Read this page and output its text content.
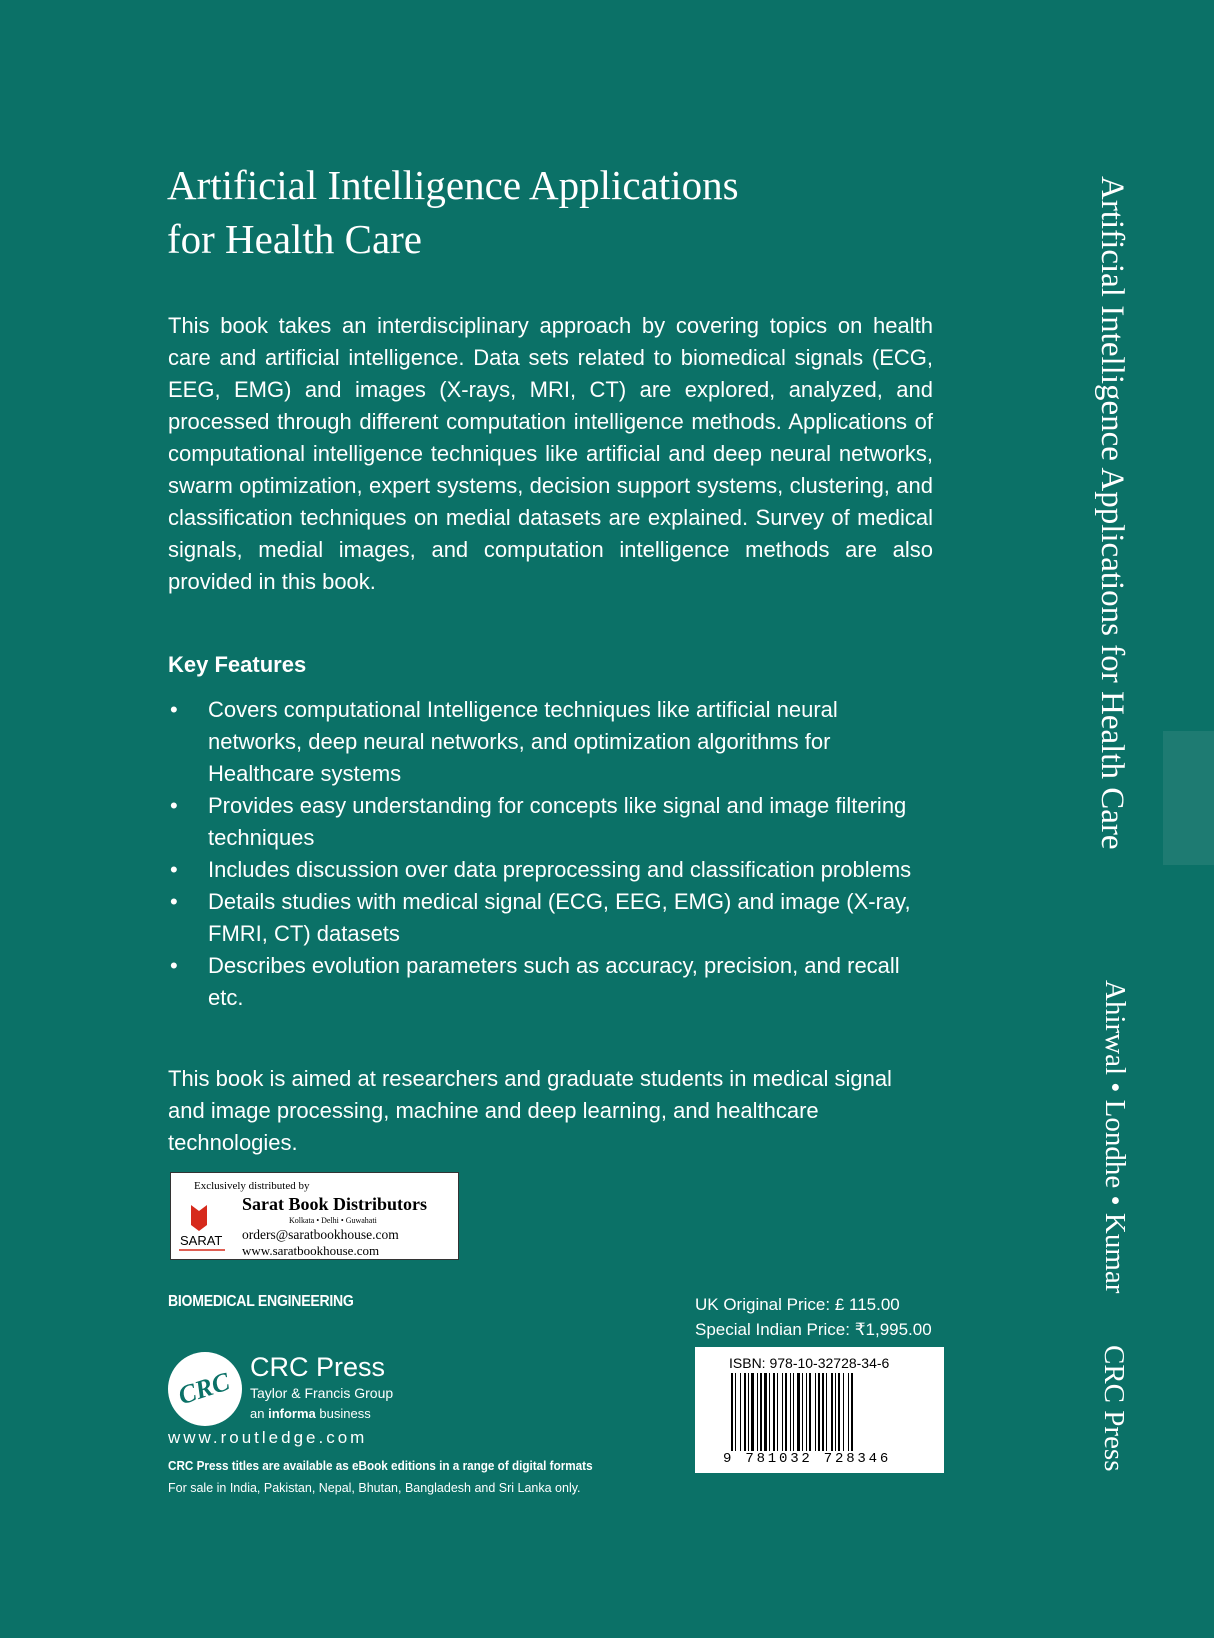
Artificial Intelligence Applications
for Health Care
This book takes an interdisciplinary approach by covering topics on health care and artificial intelligence. Data sets related to biomedical signals (ECG, EEG, EMG) and images (X-rays, MRI, CT) are explored, analyzed, and processed through different computation intelligence methods. Applications of computational intelligence techniques like artificial and deep neural networks, swarm optimization, expert systems, decision support systems, clustering, and classification techniques on medial datasets are explained. Survey of medical signals, medial images, and computation intelligence methods are also provided in this book.
Key Features
• Covers computational Intelligence techniques like artificial neural networks, deep neural networks, and optimization algorithms for Healthcare systems
• Provides easy understanding for concepts like signal and image filtering techniques
• Includes discussion over data preprocessing and classification problems
• Details studies with medical signal (ECG, EEG, EMG) and image (X-ray, FMRI, CT) datasets
• Describes evolution parameters such as accuracy, precision, and recall etc.
This book is aimed at researchers and graduate students in medical signal and image processing, machine and deep learning, and healthcare technologies.
Exclusively distributed by
SARAT
Sarat Book Distributors
Kolkata • Delhi • Guwahati
orders@saratbookhouse.com
www.saratbookhouse.com
BIOMEDICAL ENGINEERING
CRC CRC Press
Taylor & Francis Group
an informa business
www.routledge.com
CRC Press titles are available as eBook editions in a range of digital formats
For sale in India, Pakistan, Nepal, Bhutan, Bangladesh and Sri Lanka only.
UK Original Price: £ 115.00
Special Indian Price: ₹1,995.00
ISBN: 978-10-32728-34-6
9 781032 728346
Artificial Intelligence Applications for Health Care
Ahirwal • Londhe • Kumar
CRC Press
